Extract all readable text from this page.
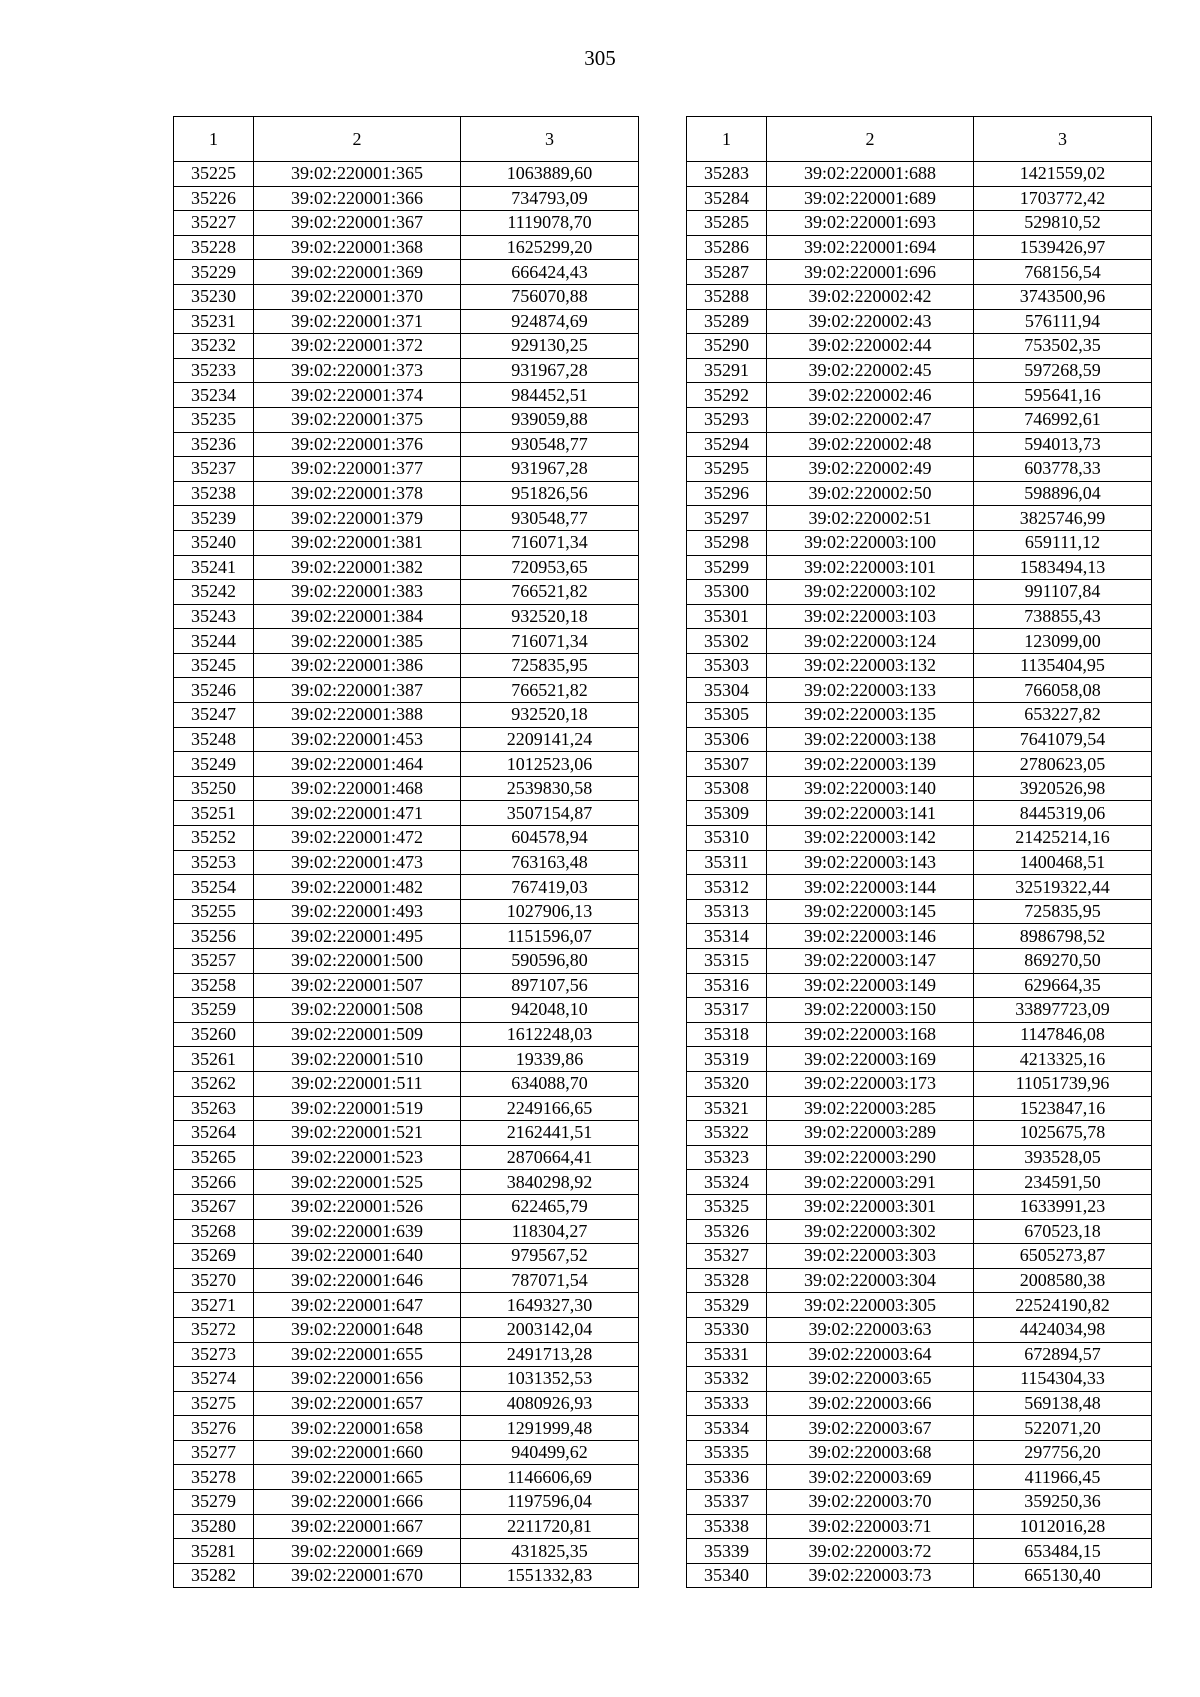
305
1	2	3
35225	39:02:220001:365	1063889,60
35226	39:02:220001:366	734793,09
35227	39:02:220001:367	1119078,70
35228	39:02:220001:368	1625299,20
35229	39:02:220001:369	666424,43
35230	39:02:220001:370	756070,88
35231	39:02:220001:371	924874,69
35232	39:02:220001:372	929130,25
35233	39:02:220001:373	931967,28
35234	39:02:220001:374	984452,51
35235	39:02:220001:375	939059,88
35236	39:02:220001:376	930548,77
35237	39:02:220001:377	931967,28
35238	39:02:220001:378	951826,56
35239	39:02:220001:379	930548,77
35240	39:02:220001:381	716071,34
35241	39:02:220001:382	720953,65
35242	39:02:220001:383	766521,82
35243	39:02:220001:384	932520,18
35244	39:02:220001:385	716071,34
35245	39:02:220001:386	725835,95
35246	39:02:220001:387	766521,82
35247	39:02:220001:388	932520,18
35248	39:02:220001:453	2209141,24
35249	39:02:220001:464	1012523,06
35250	39:02:220001:468	2539830,58
35251	39:02:220001:471	3507154,87
35252	39:02:220001:472	604578,94
35253	39:02:220001:473	763163,48
35254	39:02:220001:482	767419,03
35255	39:02:220001:493	1027906,13
35256	39:02:220001:495	1151596,07
35257	39:02:220001:500	590596,80
35258	39:02:220001:507	897107,56
35259	39:02:220001:508	942048,10
35260	39:02:220001:509	1612248,03
35261	39:02:220001:510	19339,86
35262	39:02:220001:511	634088,70
35263	39:02:220001:519	2249166,65
35264	39:02:220001:521	2162441,51
35265	39:02:220001:523	2870664,41
35266	39:02:220001:525	3840298,92
35267	39:02:220001:526	622465,79
35268	39:02:220001:639	118304,27
35269	39:02:220001:640	979567,52
35270	39:02:220001:646	787071,54
35271	39:02:220001:647	1649327,30
35272	39:02:220001:648	2003142,04
35273	39:02:220001:655	2491713,28
35274	39:02:220001:656	1031352,53
35275	39:02:220001:657	4080926,93
35276	39:02:220001:658	1291999,48
35277	39:02:220001:660	940499,62
35278	39:02:220001:665	1146606,69
35279	39:02:220001:666	1197596,04
35280	39:02:220001:667	2211720,81
35281	39:02:220001:669	431825,35
35282	39:02:220001:670	1551332,83
1	2	3
35283	39:02:220001:688	1421559,02
35284	39:02:220001:689	1703772,42
35285	39:02:220001:693	529810,52
35286	39:02:220001:694	1539426,97
35287	39:02:220001:696	768156,54
35288	39:02:220002:42	3743500,96
35289	39:02:220002:43	576111,94
35290	39:02:220002:44	753502,35
35291	39:02:220002:45	597268,59
35292	39:02:220002:46	595641,16
35293	39:02:220002:47	746992,61
35294	39:02:220002:48	594013,73
35295	39:02:220002:49	603778,33
35296	39:02:220002:50	598896,04
35297	39:02:220002:51	3825746,99
35298	39:02:220003:100	659111,12
35299	39:02:220003:101	1583494,13
35300	39:02:220003:102	991107,84
35301	39:02:220003:103	738855,43
35302	39:02:220003:124	123099,00
35303	39:02:220003:132	1135404,95
35304	39:02:220003:133	766058,08
35305	39:02:220003:135	653227,82
35306	39:02:220003:138	7641079,54
35307	39:02:220003:139	2780623,05
35308	39:02:220003:140	3920526,98
35309	39:02:220003:141	8445319,06
35310	39:02:220003:142	21425214,16
35311	39:02:220003:143	1400468,51
35312	39:02:220003:144	32519322,44
35313	39:02:220003:145	725835,95
35314	39:02:220003:146	8986798,52
35315	39:02:220003:147	869270,50
35316	39:02:220003:149	629664,35
35317	39:02:220003:150	33897723,09
35318	39:02:220003:168	1147846,08
35319	39:02:220003:169	4213325,16
35320	39:02:220003:173	11051739,96
35321	39:02:220003:285	1523847,16
35322	39:02:220003:289	1025675,78
35323	39:02:220003:290	393528,05
35324	39:02:220003:291	234591,50
35325	39:02:220003:301	1633991,23
35326	39:02:220003:302	670523,18
35327	39:02:220003:303	6505273,87
35328	39:02:220003:304	2008580,38
35329	39:02:220003:305	22524190,82
35330	39:02:220003:63	4424034,98
35331	39:02:220003:64	672894,57
35332	39:02:220003:65	1154304,33
35333	39:02:220003:66	569138,48
35334	39:02:220003:67	522071,20
35335	39:02:220003:68	297756,20
35336	39:02:220003:69	411966,45
35337	39:02:220003:70	359250,36
35338	39:02:220003:71	1012016,28
35339	39:02:220003:72	653484,15
35340	39:02:220003:73	665130,40
